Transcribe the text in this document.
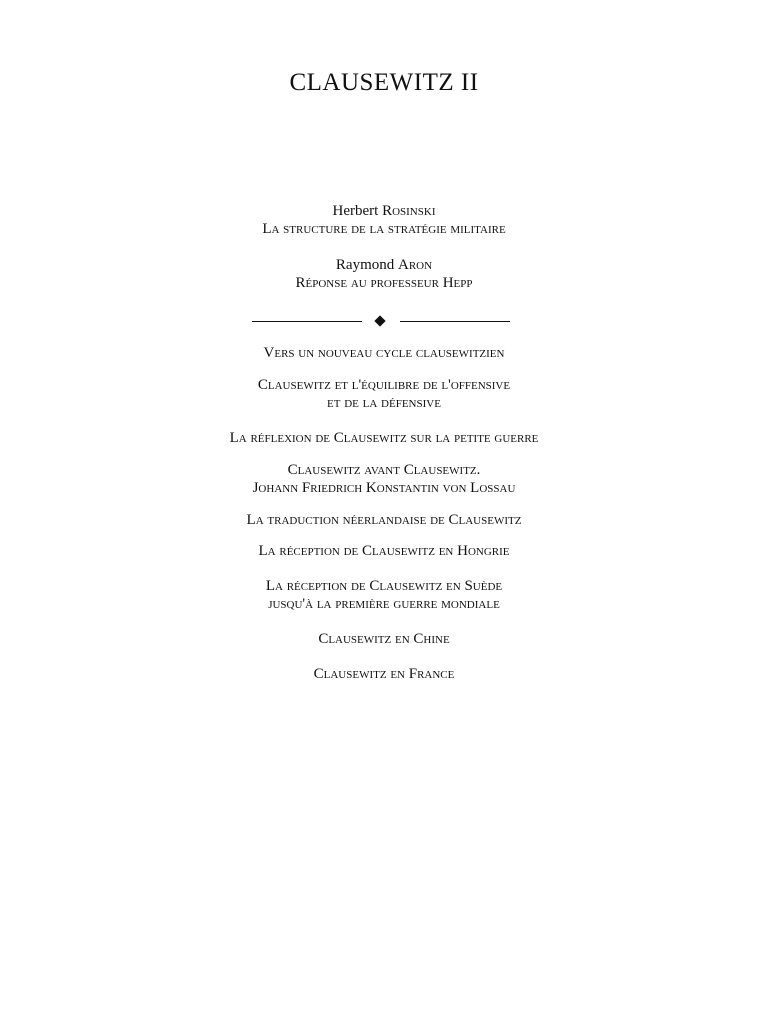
CLAUSEWITZ II
Herbert Rosinski
La structure de la stratégie militaire
Raymond Aron
Réponse au professeur Hepp
Vers un nouveau cycle clausewitzien
Clausewitz et l'équilibre de l'offensive
et de la défensive
La réflexion de Clausewitz sur la petite guerre
Clausewitz avant Clausewitz.
Johann Friedrich Konstantin von Lossau
La traduction néerlandaise de Clausewitz
La réception de Clausewitz en Hongrie
La réception de Clausewitz en Suède
jusqu'à la première guerre mondiale
Clausewitz en Chine
Clausewitz en France
